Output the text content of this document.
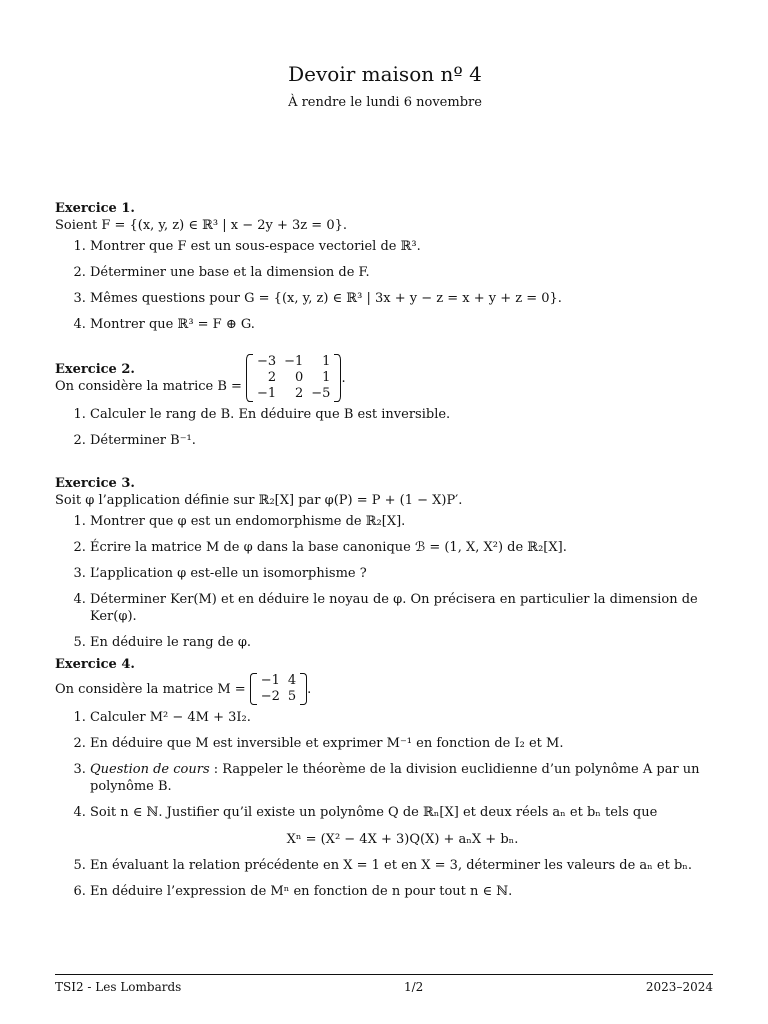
Devoir maison nº 4
À rendre le lundi 6 novembre
Exercice 1.
Soient F = {(x, y, z) ∈ ℝ³ | x − 2y + 3z = 0}.
1. Montrer que F est un sous-espace vectoriel de ℝ³.
2. Déterminer une base et la dimension de F.
3. Mêmes questions pour G = {(x, y, z) ∈ ℝ³ | 3x + y − z = x + y + z = 0}.
4. Montrer que ℝ³ = F ⊕ G.
Exercice 2.
On considère la matrice B =
−3	−1	1
2	0	1
−1	2	−5
.
1. Calculer le rang de B. En déduire que B est inversible.
2. Déterminer B⁻¹.
Exercice 3.
Soit φ l’application définie sur ℝ₂[X] par φ(P) = P + (1 − X)P′.
1. Montrer que φ est un endomorphisme de ℝ₂[X].
2. Écrire la matrice M de φ dans la base canonique ℬ = (1, X, X²) de ℝ₂[X].
3. L’application φ est-elle un isomorphisme ?
4. Déterminer Ker(M) et en déduire le noyau de φ. On précisera en particulier la dimension de Ker(φ).
5. En déduire le rang de φ.
Exercice 4.
On considère la matrice M =
−1	4
−2	5 .
1. Calculer M² − 4M + 3I₂.
2. En déduire que M est inversible et exprimer M⁻¹ en fonction de I₂ et M.
3. Question de cours : Rappeler le théorème de la division euclidienne d’un polynôme A par un polynôme B.
4. Soit n ∈ ℕ. Justifier qu’il existe un polynôme Q de ℝₙ[X] et deux réels aₙ et bₙ tels que
Xⁿ = (X² − 4X + 3)Q(X) + aₙX + bₙ.
5. En évaluant la relation précédente en X = 1 et en X = 3, déterminer les valeurs de aₙ et bₙ.
6. En déduire l’expression de Mⁿ en fonction de n pour tout n ∈ ℕ.
TSI2 - Les Lombards	1/2	2023–2024
